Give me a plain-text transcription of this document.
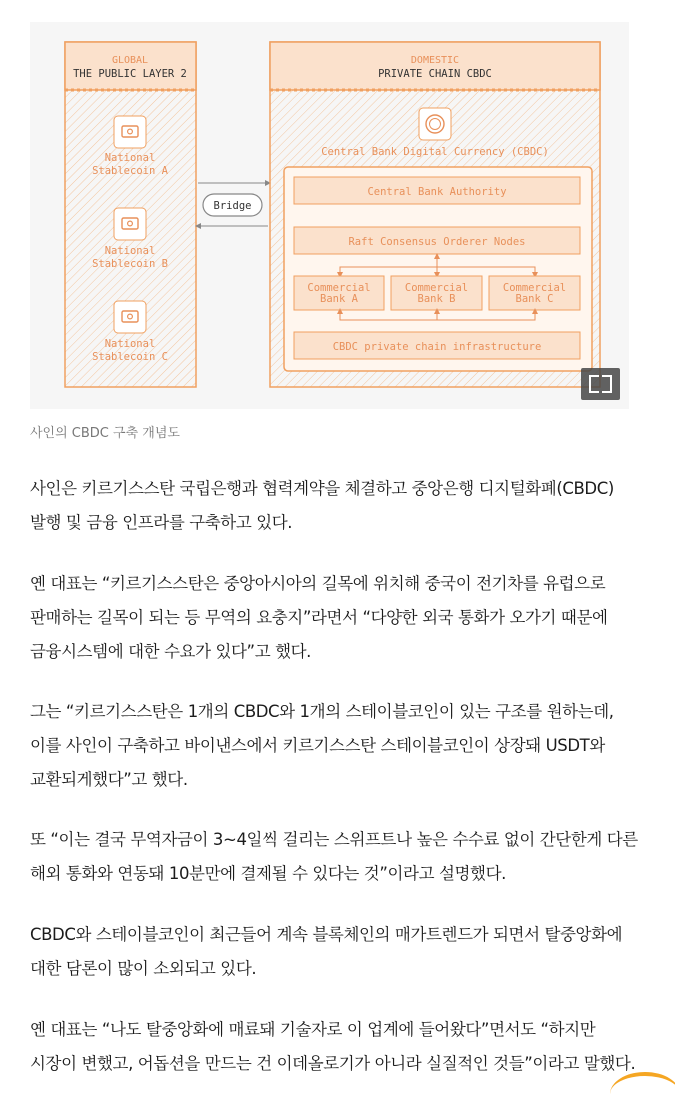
GLOBAL
THE PUBLIC LAYER 2
National
Stablecoin A
National
Stablecoin B
National
Stablecoin C
Bridge
DOMESTIC
PRIVATE CHAIN CBDC
Central Bank Digital Currency (CBDC)
Central Bank Authority
Raft Consensus Orderer Nodes
Commercial
Bank A
Commercial
Bank B
Commercial
Bank C
CBDC private chain infrastructure
사인의 CBDC 구축 개념도

사인은 키르기스스탄 국립은행과 협력계약을 체결하고 중앙은행 디지털화폐(CBDC) 발행 및 금융 인프라를 구축하고 있다.

옌 대표는 “키르기스스탄은 중앙아시아의 길목에 위치해 중국이 전기차를 유럽으로 판매하는 길목이 되는 등 무역의 요충지”라면서 “다양한 외국 통화가 오가기 때문에 금융시스템에 대한 수요가 있다”고 했다.

그는 “키르기스스탄은 1개의 CBDC와 1개의 스테이블코인이 있는 구조를 원하는데, 이를 사인이 구축하고 바이낸스에서 키르기스스탄 스테이블코인이 상장돼 USDT와 교환되게했다”고 했다.

또 “이는 결국 무역자금이 3~4일씩 걸리는 스위프트나 높은 수수료 없이 간단한게 다른 해외 통화와 연동돼 10분만에 결제될 수 있다는 것”이라고 설명했다.

CBDC와 스테이블코인이 최근들어 계속 블록체인의 매가트렌드가 되면서 탈중앙화에 대한 담론이 많이 소외되고 있다.

옌 대표는 “나도 탈중앙화에 매료돼 기술자로 이 업계에 들어왔다”면서도 “하지만 시장이 변했고, 어돕션을 만드는 건 이데올로기가 아니라 실질적인 것들”이라고 말했다.
